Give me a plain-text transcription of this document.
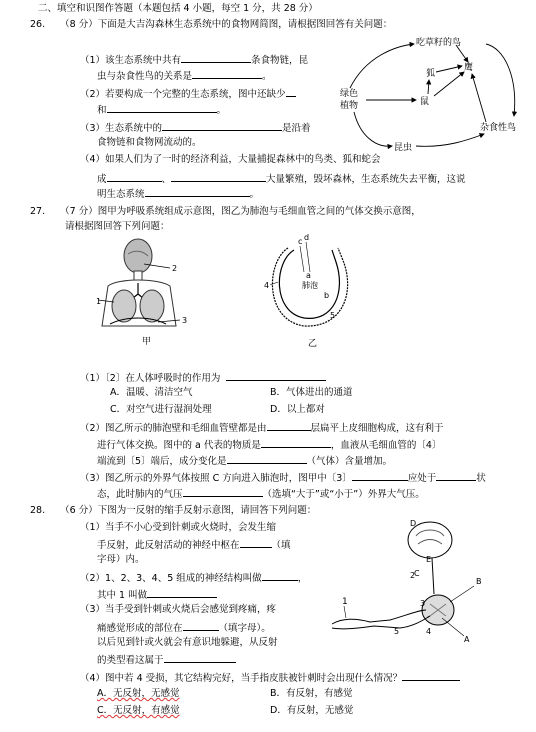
二、填空和识图作答题（本题包括 4 小题，每空 1 分，共 28 分）
26. （8 分）下面是大吉沟森林生态系统中的食物网简图，请根据图回答有关问题：
（1）该生态系统中共有	条食物链，昆
虫与杂食性鸟的关系是	。
（2）若要构成一个完整的生态系统，图中还缺少
和	。
（3）生态系统中的	是沿着
食物链和食物网流动的。
（4）如果人们为了一时的经济利益，大量捕捉森林中的鸟类、狐和蛇会
成	、	大量繁殖，毁坏森林，生态系统失去平衡，这说
明生态系统	。
吃草籽的鸟
狐
鹰
绿色
植物	鼠
杂食性鸟
昆虫
27. （7 分）图甲为呼吸系统组成示意图，图乙为肺泡与毛细血管之间的气体交换示意图，
请根据图回答下列问题：
2
1
3
甲
肺泡
c d
a
b
4
5
乙
（1）〔2〕在人体呼吸时的作用为
A．温暖、清洁空气	B．气体进出的通道
C．对空气进行湿润处理	D．以上都对
（2）图乙所示的肺泡壁和毛细血管壁都是由	层扁平上皮细胞构成，这有利于
进行气体交换。图中的 a 代表的物质是	，血液从毛细血管的〔4〕
端流到〔5〕端后，成分变化是	（气体）含量增加。
（3）图乙所示的外界气体按照 C 方向进入肺泡时，图甲中〔3〕	应处于	状
态，此时肺内的气压	（选填“大于”或“小于”）外界大气压。
28. （6 分）下图为一反射的缩手反射示意图，请回答下列问题：
（1）当手不小心受到针刺或火烧时，会发生缩
手反射，此反射活动的神经中枢在	（填
字母）内。
（2）1、2、3、4、5 组成的神经结构叫做	，
其中 1 叫做
（3）当手受到针刺或火烧后会感觉到疼痛，疼
痛感觉形成的部位在	（填字母）。
以后见到针或火就会有意识地躲避，从反射
的类型看这属于
（4）图中若 4 受损，其它结构完好，当手指皮肤被针刺时会出现什么情况？
A．无反射，无感觉	B．有反射，有感觉
C．无反射，有感觉	D．有反射，无感觉
D
E
1
2
C
3
4
5
B
A
